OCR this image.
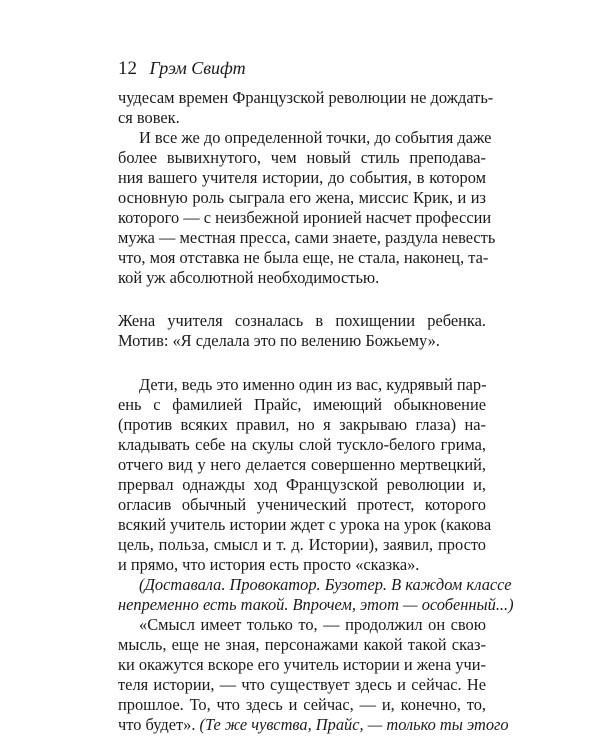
12 Грэм Свифт
чудесам времен Французской революции не дождать-
ся вовек.
И все же до определенной точки, до события даже
более вывихнутого, чем новый стиль преподава-
ния вашего учителя истории, до события, в котором
основную роль сыграла его жена, миссис Крик, и из
которого — с неизбежной иронией насчет профессии
мужа — местная пресса, сами знаете, раздула невесть
что, моя отставка не была еще, не стала, наконец, та-
кой уж абсолютной необходимостью.
Жена учителя созналась в похищении ребенка.
Мотив: «Я сделала это по велению Божьему».
Дети, ведь это именно один из вас, кудрявый пар-
ень с фамилией Прайс, имеющий обыкновение
(против всяких правил, но я закрываю глаза) на-
кладывать себе на скулы слой тускло-белого грима,
отчего вид у него делается совершенно мертвецкий,
прервал однажды ход Французской революции и,
огласив обычный ученический протест, которого
всякий учитель истории ждет с урока на урок (какова
цель, польза, смысл и т. д. Истории), заявил, просто
и прямо, что история есть просто «сказка».
(Доставала. Провокатор. Бузотер. В каждом классе
непременно есть такой. Впрочем, этот — особенный...)
«Смысл имеет только то, — продолжил он свою
мысль, еще не зная, персонажами какой такой сказ-
ки окажутся вскоре его учитель истории и жена учи-
теля истории, — что существует здесь и сейчас. Не
прошлое. То, что здесь и сейчас, — и, конечно, то,
что будет». (Те же чувства, Прайс, — только ты этого
